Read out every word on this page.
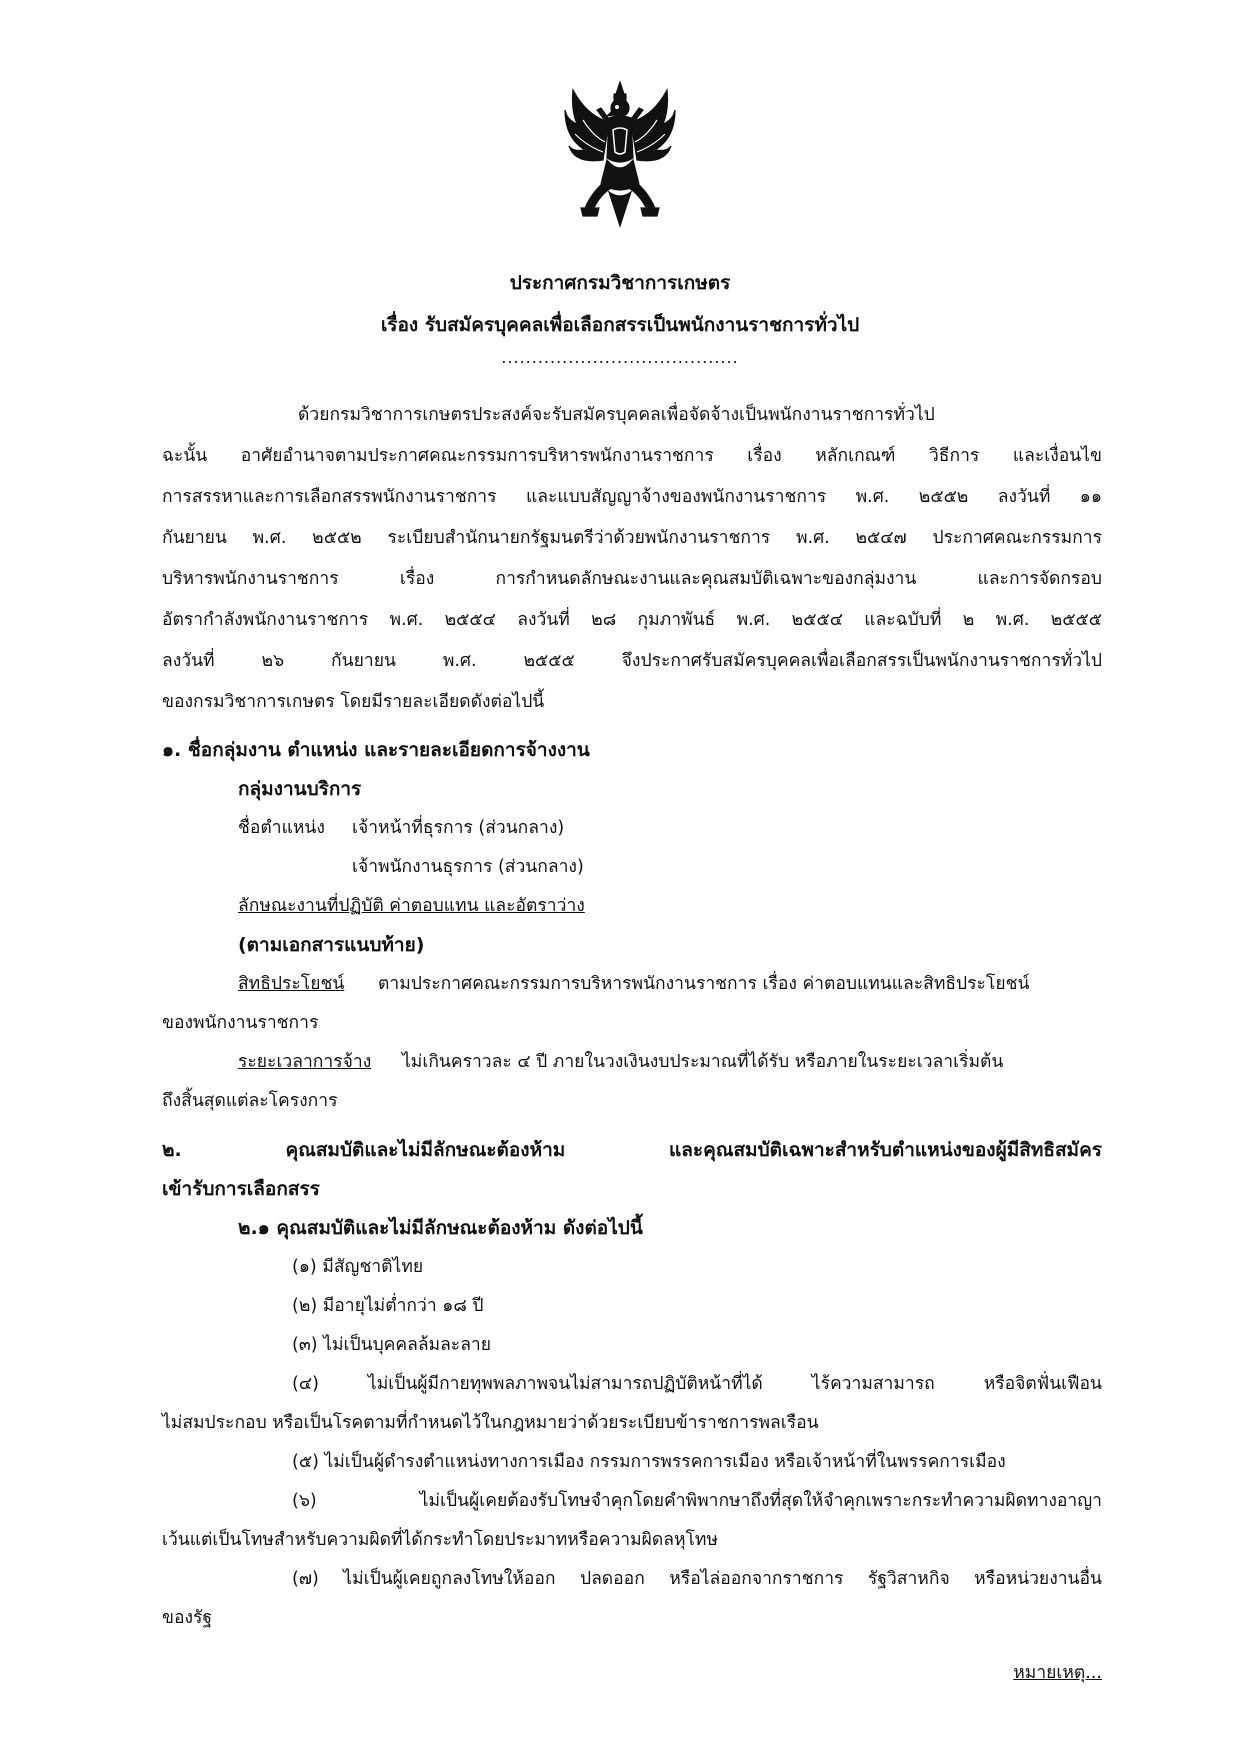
ประกาศกรมวิชาการเกษตร
เรื่อง รับสมัครบุคคลเพื่อเลือกสรรเป็นพนักงานราชการทั่วไป
.......................................
ด้วยกรมวิชาการเกษตรประสงค์จะรับสมัครบุคคลเพื่อจัดจ้างเป็นพนักงานราชการทั่วไป
ฉะนั้น อาศัยอำนาจตามประกาศคณะกรรมการบริหารพนักงานราชการ เรื่อง หลักเกณฑ์ วิธีการ และเงื่อนไข
การสรรหาและการเลือกสรรพนักงานราชการ และแบบสัญญาจ้างของพนักงานราชการ พ.ศ. ๒๕๕๒ ลงวันที่ ๑๑
กันยายน พ.ศ. ๒๕๕๒ ระเบียบสำนักนายกรัฐมนตรีว่าด้วยพนักงานราชการ พ.ศ. ๒๕๔๗ ประกาศคณะกรรมการ
บริหารพนักงานราชการ เรื่อง การกำหนดลักษณะงานและคุณสมบัติเฉพาะของกลุ่มงาน และการจัดกรอบ
อัตรากำลังพนักงานราชการ พ.ศ. ๒๕๕๔ ลงวันที่ ๒๘ กุมภาพันธ์ พ.ศ. ๒๕๕๔ และฉบับที่ ๒ พ.ศ. ๒๕๕๕
ลงวันที่ ๒๖ กันยายน พ.ศ. ๒๕๕๕ จึงประกาศรับสมัครบุคคลเพื่อเลือกสรรเป็นพนักงานราชการทั่วไป
ของกรมวิชาการเกษตร โดยมีรายละเอียดดังต่อไปนี้
๑. ชื่อกลุ่มงาน ตำแหน่ง และรายละเอียดการจ้างงาน
กลุ่มงานบริการ
ชื่อตำแหน่ง เจ้าหน้าที่ธุรการ (ส่วนกลาง)
เจ้าพนักงานธุรการ (ส่วนกลาง)
ลักษณะงานที่ปฏิบัติ ค่าตอบแทน และอัตราว่าง
(ตามเอกสารแนบท้าย)
สิทธิประโยชน์ ตามประกาศคณะกรรมการบริหารพนักงานราชการ เรื่อง ค่าตอบแทนและสิทธิประโยชน์
ของพนักงานราชการ
ระยะเวลาการจ้าง ไม่เกินคราวละ ๔ ปี ภายในวงเงินงบประมาณที่ได้รับ หรือภายในระยะเวลาเริ่มต้น
ถึงสิ้นสุดแต่ละโครงการ
๒. คุณสมบัติและไม่มีลักษณะต้องห้าม และคุณสมบัติเฉพาะสำหรับตำแหน่งของผู้มีสิทธิสมัคร
เข้ารับการเลือกสรร
๒.๑ คุณสมบัติและไม่มีลักษณะต้องห้าม ดังต่อไปนี้
(๑) มีสัญชาติไทย
(๒) มีอายุไม่ต่ำกว่า ๑๘ ปี
(๓) ไม่เป็นบุคคลล้มละลาย
(๔) ไม่เป็นผู้มีกายทุพพลภาพจนไม่สามารถปฏิบัติหน้าที่ได้ ไร้ความสามารถ หรือจิตฟั่นเฟือน
ไม่สมประกอบ หรือเป็นโรคตามที่กำหนดไว้ในกฎหมายว่าด้วยระเบียบข้าราชการพลเรือน
(๕) ไม่เป็นผู้ดำรงตำแหน่งทางการเมือง กรรมการพรรคการเมือง หรือเจ้าหน้าที่ในพรรคการเมือง
(๖) ไม่เป็นผู้เคยต้องรับโทษจำคุกโดยคำพิพากษาถึงที่สุดให้จำคุกเพราะกระทำความผิดทางอาญา
เว้นแต่เป็นโทษสำหรับความผิดที่ได้กระทำโดยประมาทหรือความผิดลหุโทษ
(๗) ไม่เป็นผู้เคยถูกลงโทษให้ออก ปลดออก หรือไล่ออกจากราชการ รัฐวิสาหกิจ หรือหน่วยงานอื่น
ของรัฐ
หมายเหตุ...
